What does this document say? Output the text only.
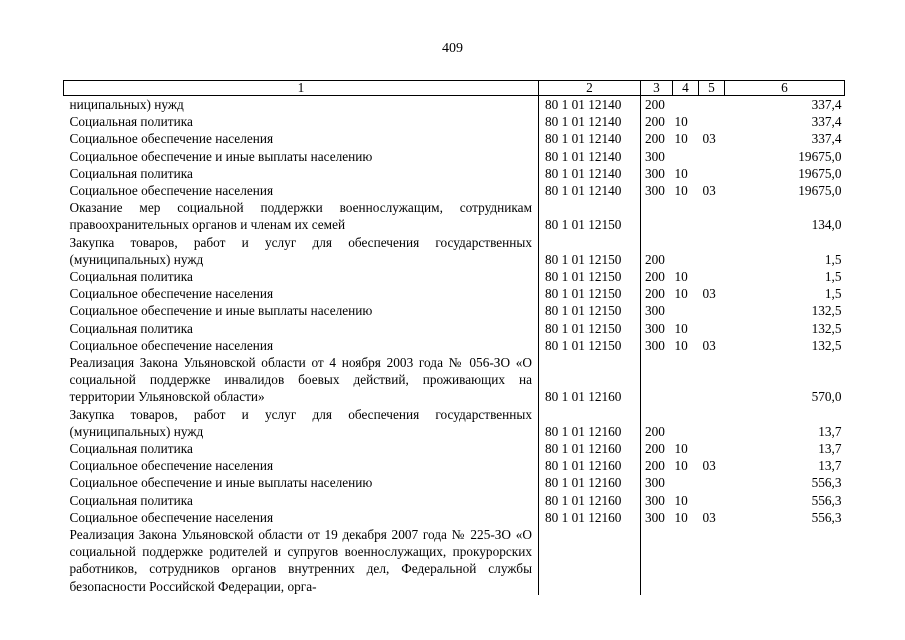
409
1	2	3	4	5	6
ниципальных) нужд	80 1 01 12140	200			337,4
Социальная политика	80 1 01 12140	200	10		337,4
Социальное обеспечение населения	80 1 01 12140	200	10	03	337,4
Социальное обеспечение и иные выплаты населению	80 1 01 12140	300			19675,0
Социальная политика	80 1 01 12140	300	10		19675,0
Социальное обеспечение населения	80 1 01 12140	300	10	03	19675,0
Оказание мер социальной поддержки военнослужащим, сотрудникам правоохранительных органов и членам их семей	80 1 01 12150				134,0
Закупка товаров, работ и услуг для обеспечения государственных (муниципальных) нужд	80 1 01 12150	200			1,5
Социальная политика	80 1 01 12150	200	10		1,5
Социальное обеспечение населения	80 1 01 12150	200	10	03	1,5
Социальное обеспечение и иные выплаты населению	80 1 01 12150	300			132,5
Социальная политика	80 1 01 12150	300	10		132,5
Социальное обеспечение населения	80 1 01 12150	300	10	03	132,5
Реализация Закона Ульяновской области от 4 ноября 2003 года № 056-ЗО «О социальной поддержке инвалидов боевых действий, проживающих на территории Ульяновской области»	80 1 01 12160				570,0
Закупка товаров, работ и услуг для обеспечения государственных (муниципальных) нужд	80 1 01 12160	200			13,7
Социальная политика	80 1 01 12160	200	10		13,7
Социальное обеспечение населения	80 1 01 12160	200	10	03	13,7
Социальное обеспечение и иные выплаты населению	80 1 01 12160	300			556,3
Социальная политика	80 1 01 12160	300	10		556,3
Социальное обеспечение населения	80 1 01 12160	300	10	03	556,3
Реализация Закона Ульяновской области от 19 декабря 2007 года № 225-ЗО «О социальной поддержке родителей и супругов военнослужащих, прокурорских работников, сотрудников органов внутренних дел, Федеральной службы безопасности Российской Федерации, орга-					
